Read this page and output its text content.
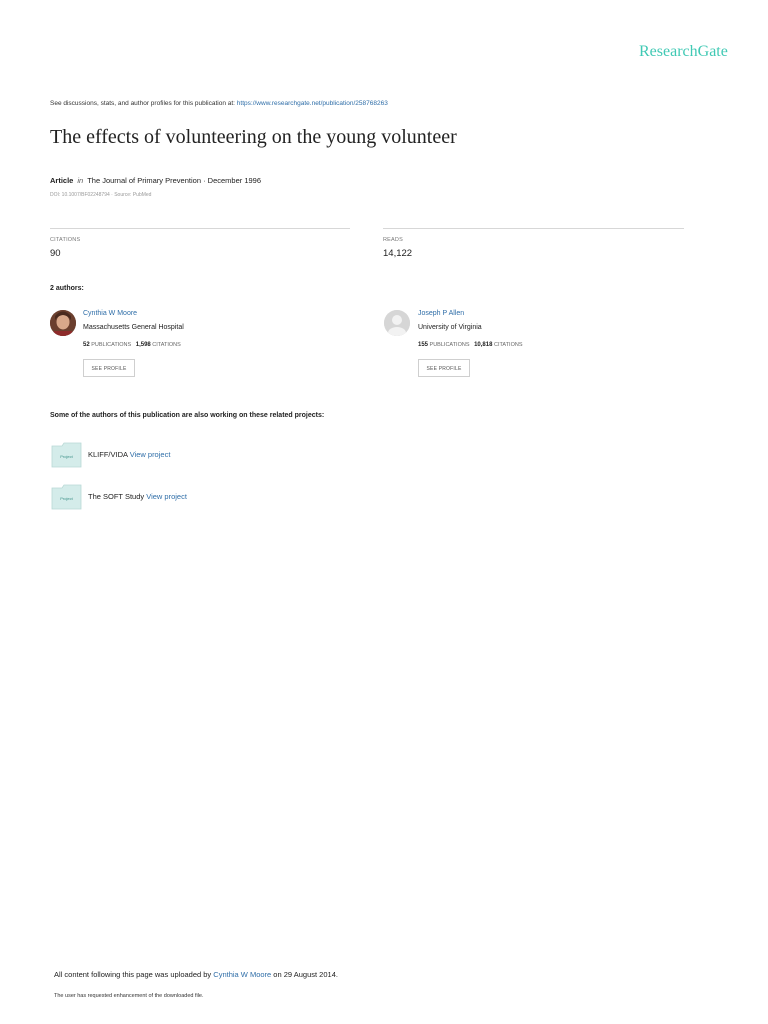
ResearchGate
See discussions, stats, and author profiles for this publication at: https://www.researchgate.net/publication/258768263
The effects of volunteering on the young volunteer
Article in The Journal of Primary Prevention · December 1996
DOI: 10.1007/BF02248794 · Source: PubMed
CITATIONS
90
READS
14,122
2 authors:
Cynthia W Moore
Massachusetts General Hospital
52 PUBLICATIONS 1,598 CITATIONS
SEE PROFILE
Joseph P Allen
University of Virginia
155 PUBLICATIONS 10,818 CITATIONS
SEE PROFILE
Some of the authors of this publication are also working on these related projects:
Project KLIFF/VIDA View project
Project The SOFT Study View project
All content following this page was uploaded by Cynthia W Moore on 29 August 2014.
The user has requested enhancement of the downloaded file.
